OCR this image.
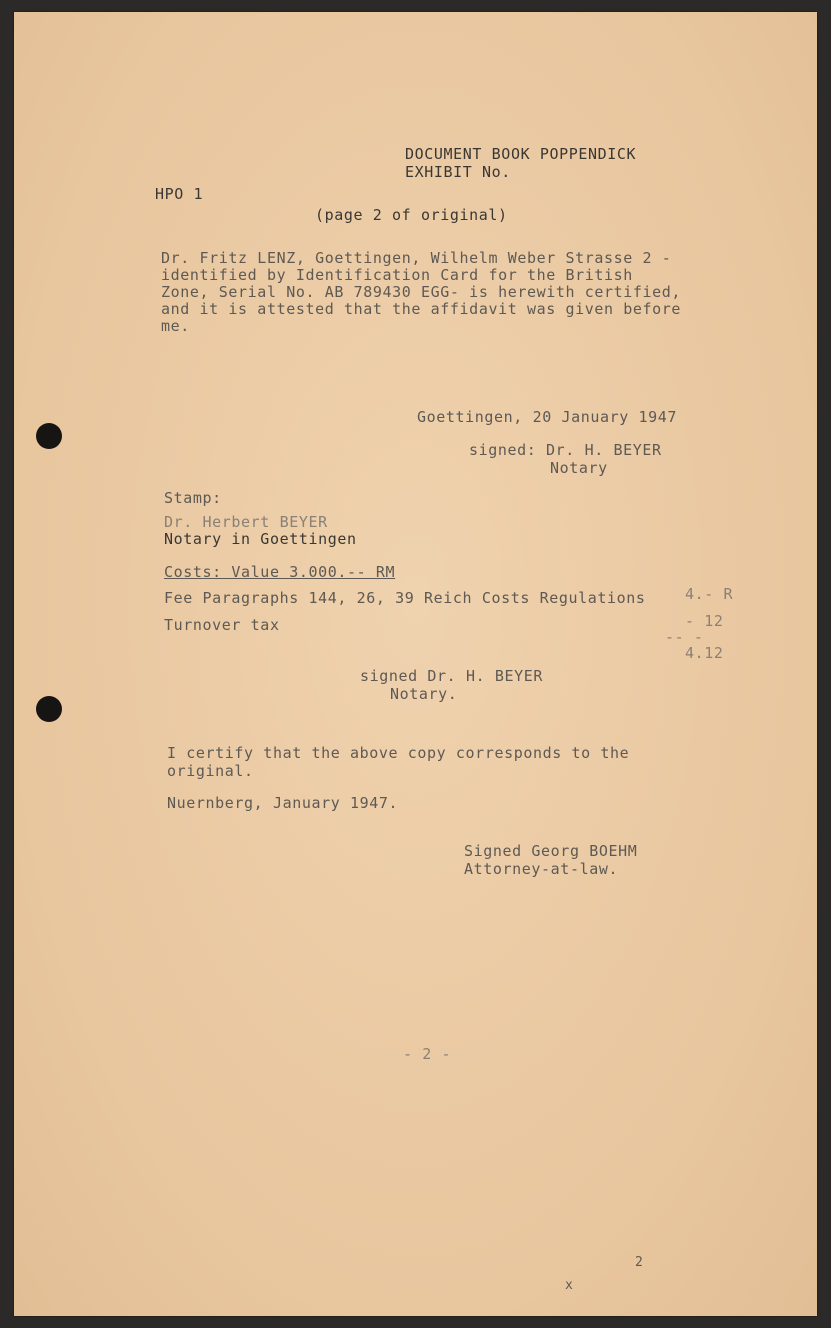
DOCUMENT BOOK POPPENDICK
EXHIBIT No.
HPO 1
(page 2 of original)
Dr. Fritz LENZ, Goettingen, Wilhelm Weber Strasse 2 -
identified by Identification Card for the British
Zone, Serial No. AB 789430 EGG- is herewith certified,
and it is attested that the affidavit was given before
me.
Goettingen, 20 January 1947
signed: Dr. H. BEYER
Notary
Stamp:
Dr. Herbert BEYER
Notary in Goettingen
Costs: Value 3.000.-- RM
Fee Paragraphs 144, 26, 39 Reich Costs Regulations	4.- R
Turnover tax	- 12
-- -
4.12
signed Dr. H. BEYER
Notary.
I certify that the above copy corresponds to the
original.
Nuernberg, January 1947.
Signed Georg BOEHM
Attorney-at-law.
- 2 -
2
x
